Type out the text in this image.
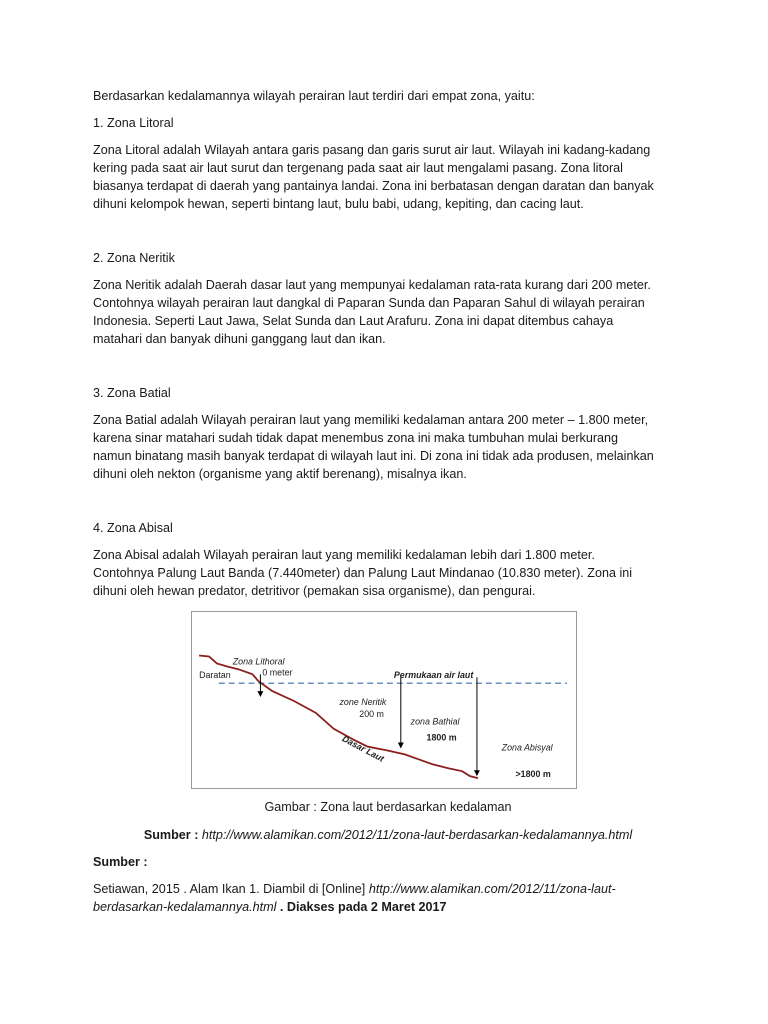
Berdasarkan kedalamannya wilayah perairan laut terdiri dari empat zona, yaitu:

1. Zona Litoral

Zona Litoral adalah Wilayah antara garis pasang dan garis surut air laut. Wilayah ini kadang-kadang
kering pada saat air laut surut dan tergenang pada saat air laut mengalami pasang. Zona litoral
biasanya terdapat di daerah yang pantainya landai. Zona ini berbatasan dengan daratan dan banyak
dihuni kelompok hewan, seperti bintang laut, bulu babi, udang, kepiting, dan cacing laut.

2. Zona Neritik

Zona Neritik adalah Daerah dasar laut yang mempunyai kedalaman rata-rata kurang dari 200 meter.
Contohnya wilayah perairan laut dangkal di Paparan Sunda dan Paparan Sahul di wilayah perairan
Indonesia. Seperti Laut Jawa, Selat Sunda dan Laut Arafuru. Zona ini dapat ditembus cahaya
matahari dan banyak dihuni ganggang laut dan ikan.

3. Zona Batial

Zona Batial adalah Wilayah perairan laut yang memiliki kedalaman antara 200 meter – 1.800 meter,
karena sinar matahari sudah tidak dapat menembus zona ini maka tumbuhan mulai berkurang
namun binatang masih banyak terdapat di wilayah laut ini. Di zona ini tidak ada produsen, melainkan
dihuni oleh nekton (organisme yang aktif berenang), misalnya ikan.

4. Zona Abisal

Zona Abisal adalah Wilayah perairan laut yang memiliki kedalaman lebih dari 1.800 meter.
Contohnya Palung Laut Banda (7.440meter) dan Palung Laut Mindanao (10.830 meter). Zona ini
dihuni oleh hewan predator, detritivor (pemakan sisa organisme), dan pengurai.

Gambar : Zona laut berdasarkan kedalaman

Sumber : http://www.alamikan.com/2012/11/zona-laut-berdasarkan-kedalamannya.html

Sumber :

Setiawan, 2015 . Alam Ikan 1. Diambil di [Online] http://www.alamikan.com/2012/11/zona-laut-
berdasarkan-kedalamannya.html . Diakses pada 2 Maret 2017
Daratan
Zona Lithoral
0 meter	Permukaan air laut
zone Neritik
200 m
zona Bathial
1800 m
Dasar Laut	Zona Abisyal
>1800 m
